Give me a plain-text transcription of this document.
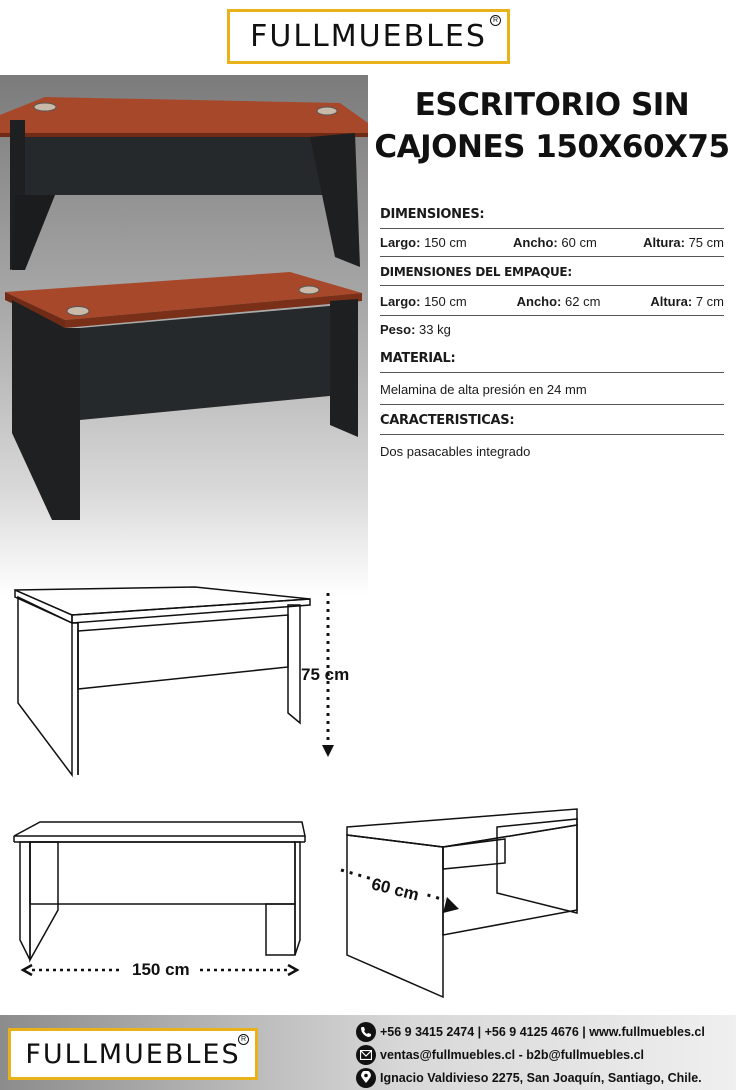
FULLMUΕBLΕS R
ESCRITORIO SIN
CAJONES 150X60X75
DIMENSIONES:
Largo: 150 cm	Ancho: 60 cm	Altura: 75 cm
DIMENSIONES DEL EMPAQUE:
Largo: 150 cm	Ancho: 62 cm	Altura: 7 cm
Peso: 33 kg
MATERIAL:
Melamina de alta presión en 24 mm
CARACTERISTICAS:
Dos pasacables integrado
75 cm
150 cm
60 cm
FULLMUΕBLΕS R
+56 9 3415 2474 | +56 9 4125 4676 | www.fullmuebles.cl
ventas@fullmuebles.cl - b2b@fullmuebles.cl
Ignacio Valdivieso 2275, San Joaquín, Santiago, Chile.
